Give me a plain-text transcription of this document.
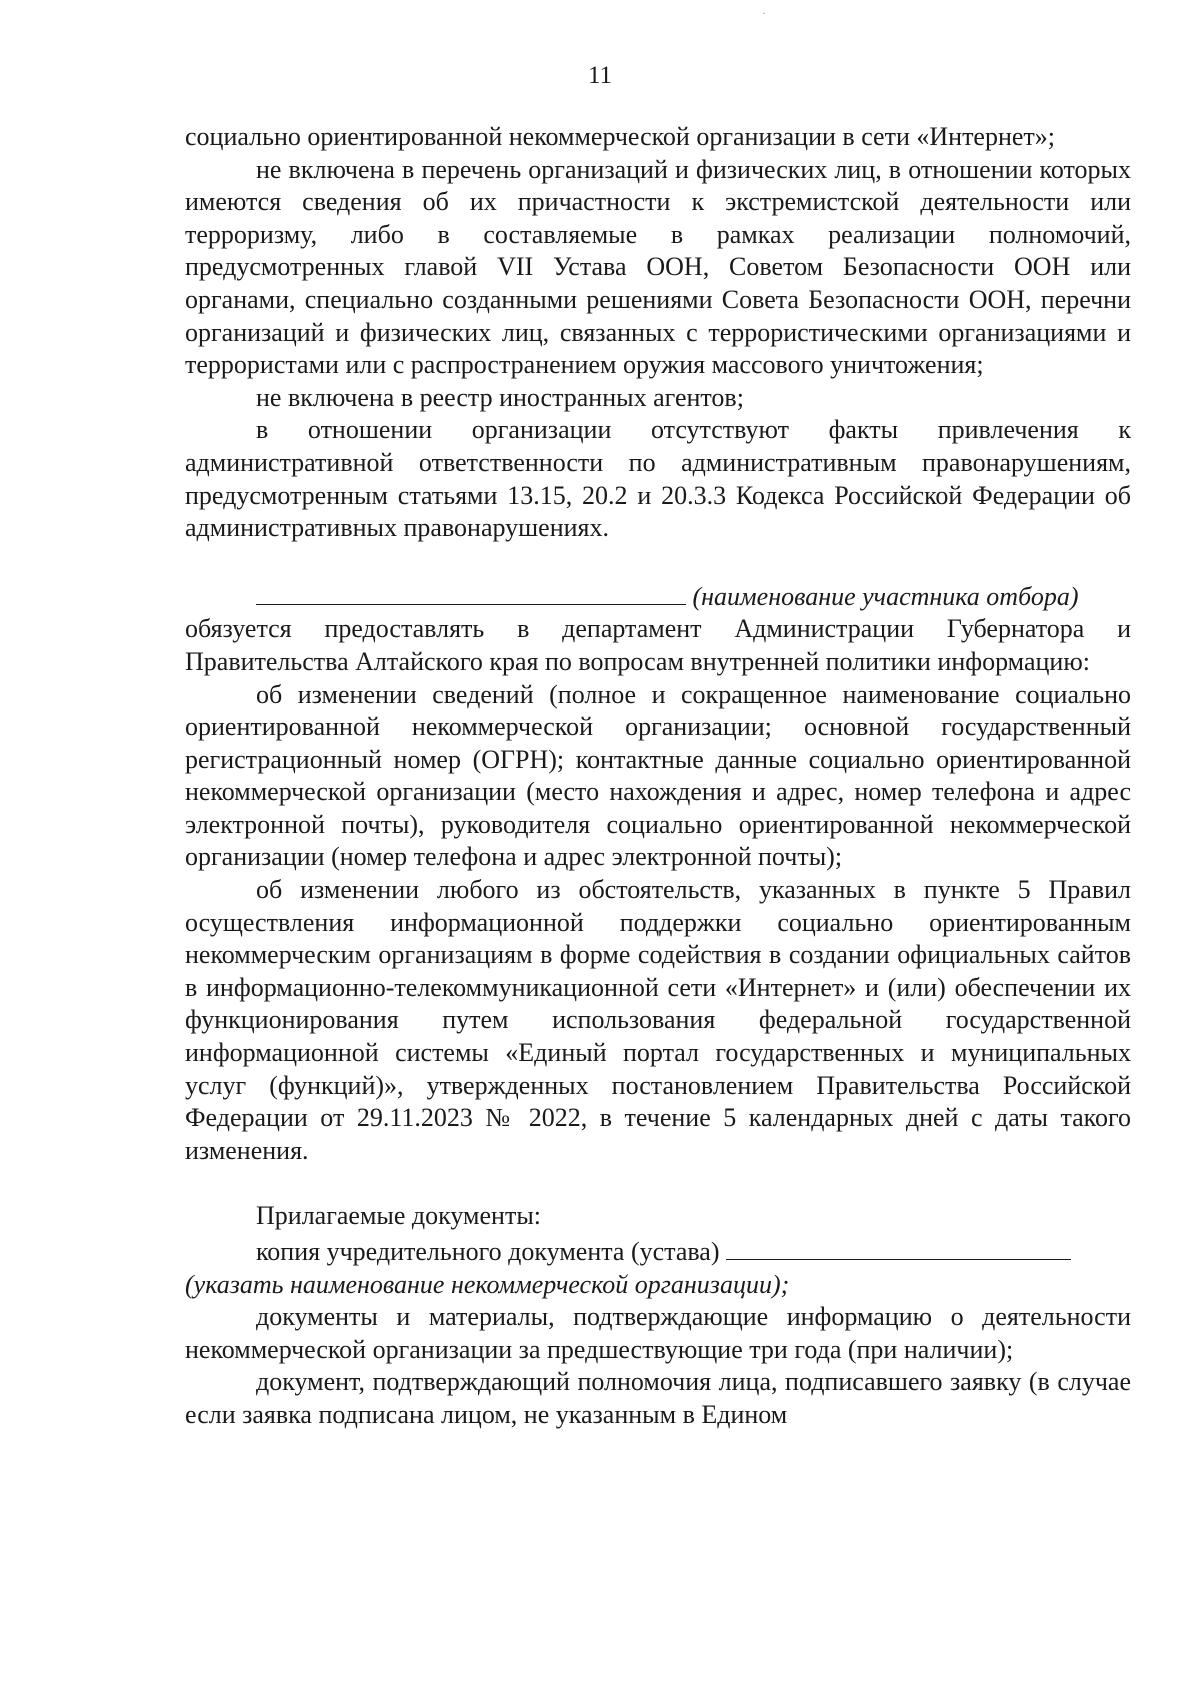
·
11

социально ориентированной некоммерческой организации в сети «Интернет»;

не включена в перечень организаций и физических лиц, в отношении которых имеются сведения об их причастности к экстремистской деятельности или терроризму, либо в составляемые в рамках реализации полномочий, предусмотренных главой VII Устава ООН, Советом Безопасности ООН или органами, специально созданными решениями Совета Безопасности ООН, перечни организаций и физических лиц, связанных с террористическими организациями и террористами или с распространением оружия массового уничтожения;

не включена в реестр иностранных агентов;

в отношении организации отсутствуют факты привлечения к административной ответственности по административным правонарушениям, предусмотренным статьями 13.15, 20.2 и 20.3.3 Кодекса Российской Федерации об административных правонарушениях.

(наименование участника отбора)

обязуется предоставлять в департамент Администрации Губернатора и Правительства Алтайского края по вопросам внутренней политики информацию:

об изменении сведений (полное и сокращенное наименование социально ориентированной некоммерческой организации; основной государственный регистрационный номер (ОГРН); контактные данные социально ориентированной некоммерческой организации (место нахождения и адрес, номер телефона и адрес электронной почты), руководителя социально ориентированной некоммерческой организации (номер телефона и адрес электронной почты);

об изменении любого из обстоятельств, указанных в пункте 5 Правил осуществления информационной поддержки социально ориентированным некоммерческим организациям в форме содействия в создании официальных сайтов в информационно-телекоммуникационной сети «Интернет» и (или) обеспечении их функционирования путем использования федеральной государственной информационной системы «Единый портал государственных и муниципальных услуг (функций)», утвержденных постановлением Правительства Российской Федерации от 29.11.2023 № 2022, в течение 5 календарных дней с даты такого изменения.

Прилагаемые документы:

копия учредительного документа (устава)

(указать наименование некоммерческой организации);

документы и материалы, подтверждающие информацию о деятельности некоммерческой организации за предшествующие три года (при наличии);

документ, подтверждающий полномочия лица, подписавшего заявку (в случае если заявка подписана лицом, не указанным в Едином
